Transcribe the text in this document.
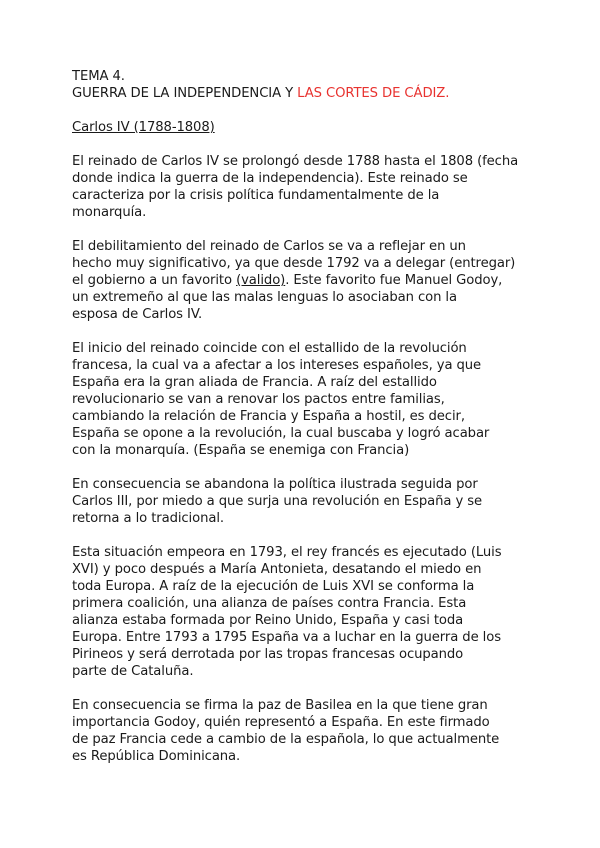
TEMA 4.
GUERRA DE LA INDEPENDENCIA Y LAS CORTES DE CÁDIZ.
Carlos IV (1788-1808)
El reinado de Carlos IV se prolongó desde 1788 hasta el 1808 (fecha
donde indica la guerra de la independencia). Este reinado se
caracteriza por la crisis política fundamentalmente de la
monarquía.
El debilitamiento del reinado de Carlos se va a reflejar en un
hecho muy significativo, ya que desde 1792 va a delegar (entregar)
el gobierno a un favorito (valido). Este favorito fue Manuel Godoy,
un extremeño al que las malas lenguas lo asociaban con la
esposa de Carlos IV.
El inicio del reinado coincide con el estallido de la revolución
francesa, la cual va a afectar a los intereses españoles, ya que
España era la gran aliada de Francia. A raíz del estallido
revolucionario se van a renovar los pactos entre familias,
cambiando la relación de Francia y España a hostil, es decir,
España se opone a la revolución, la cual buscaba y logró acabar
con la monarquía. (España se enemiga con Francia)
En consecuencia se abandona la política ilustrada seguida por
Carlos III, por miedo a que surja una revolución en España y se
retorna a lo tradicional.
Esta situación empeora en 1793, el rey francés es ejecutado (Luis
XVI) y poco después a María Antonieta, desatando el miedo en
toda Europa. A raíz de la ejecución de Luis XVI se conforma la
primera coalición, una alianza de países contra Francia. Esta
alianza estaba formada por Reino Unido, España y casi toda
Europa. Entre 1793 a 1795 España va a luchar en la guerra de los
Pirineos y será derrotada por las tropas francesas ocupando
parte de Cataluña.
En consecuencia se firma la paz de Basilea en la que tiene gran
importancia Godoy, quién representó a España. En este firmado
de paz Francia cede a cambio de la española, lo que actualmente
es República Dominicana.
